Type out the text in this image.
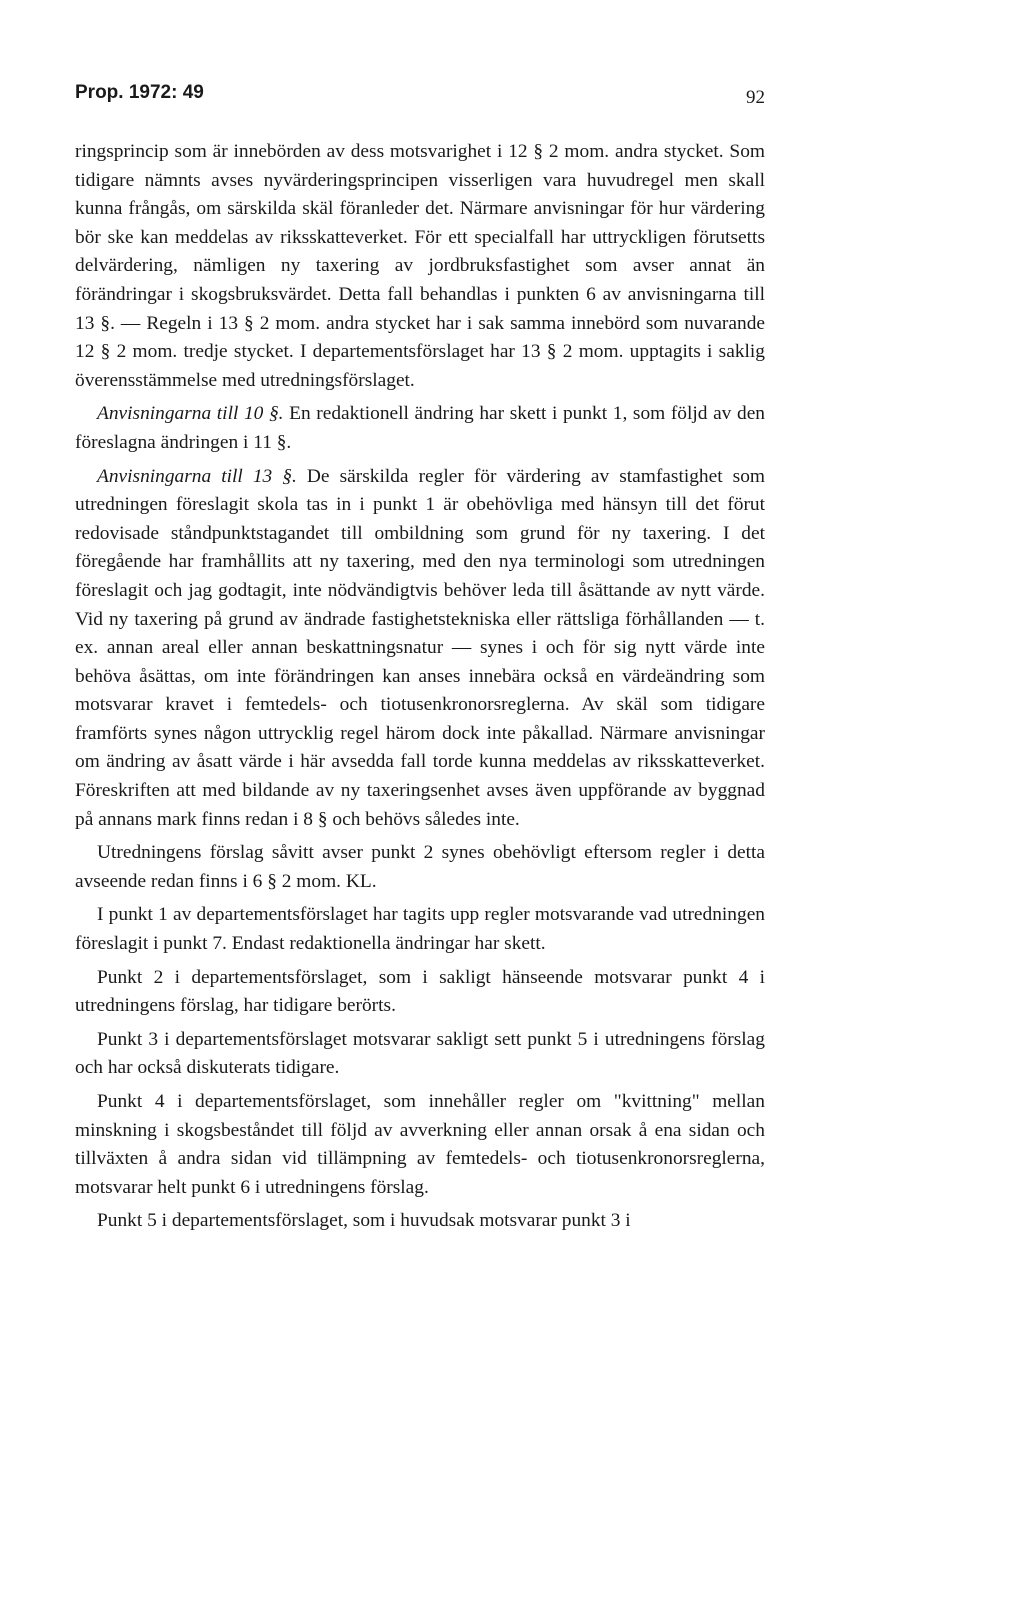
Prop. 1972: 49	92

ringsprincip som är innebörden av dess motsvarighet i 12 § 2 mom. andra stycket. Som tidigare nämnts avses nyvärderingsprincipen visserligen vara huvudregel men skall kunna frångås, om särskilda skäl föranleder det. Närmare anvisningar för hur värdering bör ske kan meddelas av riksskatteverket. För ett specialfall har uttryckligen förutsetts delvärdering, nämligen ny taxering av jordbruksfastighet som avser annat än förändringar i skogsbruksvärdet. Detta fall behandlas i punkten 6 av anvisningarna till 13 §. — Regeln i 13 § 2 mom. andra stycket har i sak samma innebörd som nuvarande 12 § 2 mom. tredje stycket. I departementsförslaget har 13 § 2 mom. upptagits i saklig överensstämmelse med utredningsförslaget.

Anvisningarna till 10 §. En redaktionell ändring har skett i punkt 1, som följd av den föreslagna ändringen i 11 §.

Anvisningarna till 13 §. De särskilda regler för värdering av stamfastighet som utredningen föreslagit skola tas in i punkt 1 är obehövliga med hänsyn till det förut redovisade ståndpunktstagandet till ombildning som grund för ny taxering. I det föregående har framhållits att ny taxering, med den nya terminologi som utredningen föreslagit och jag godtagit, inte nödvändigtvis behöver leda till åsättande av nytt värde. Vid ny taxering på grund av ändrade fastighetstekniska eller rättsliga förhållanden — t. ex. annan areal eller annan beskattningsnatur — synes i och för sig nytt värde inte behöva åsättas, om inte förändringen kan anses innebära också en värdeändring som motsvarar kravet i femtedels- och tiotusenkronorsreglerna. Av skäl som tidigare framförts synes någon uttrycklig regel härom dock inte påkallad. Närmare anvisningar om ändring av åsatt värde i här avsedda fall torde kunna meddelas av riksskatteverket. Föreskriften att med bildande av ny taxeringsenhet avses även uppförande av byggnad på annans mark finns redan i 8 § och behövs således inte.

Utredningens förslag såvitt avser punkt 2 synes obehövligt eftersom regler i detta avseende redan finns i 6 § 2 mom. KL.

I punkt 1 av departementsförslaget har tagits upp regler motsvarande vad utredningen föreslagit i punkt 7. Endast redaktionella ändringar har skett.

Punkt 2 i departementsförslaget, som i sakligt hänseende motsvarar punkt 4 i utredningens förslag, har tidigare berörts.

Punkt 3 i departementsförslaget motsvarar sakligt sett punkt 5 i utredningens förslag och har också diskuterats tidigare.

Punkt 4 i departementsförslaget, som innehåller regler om "kvittning" mellan minskning i skogsbeståndet till följd av avverkning eller annan orsak å ena sidan och tillväxten å andra sidan vid tillämpning av femtedels- och tiotusenkronorsreglerna, motsvarar helt punkt 6 i utredningens förslag.

Punkt 5 i departementsförslaget, som i huvudsak motsvarar punkt 3 i
